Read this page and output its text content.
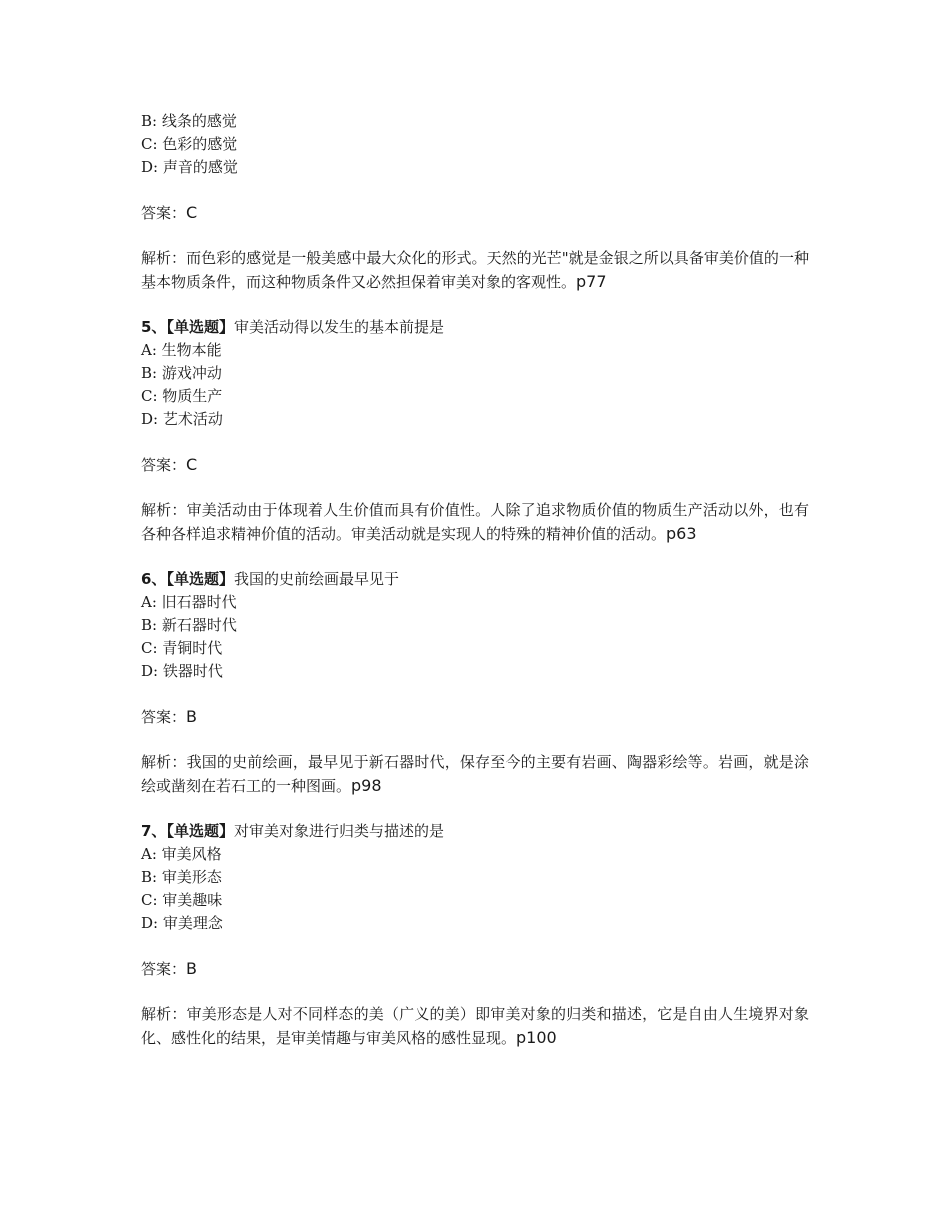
B: 线条的感觉

C: 色彩的感觉

D: 声音的感觉

答案：C

解析：而色彩的感觉是一般美感中最大众化的形式。天然的光芒"就是金银之所以具备审美价值的一种基本物质条件，而这种物质条件又必然担保着审美对象的客观性。p77

5、【单选题】审美活动得以发生的基本前提是

A: 生物本能

B: 游戏冲动

C: 物质生产

D: 艺术活动

答案：C

解析：审美活动由于体现着人生价值而具有价值性。人除了追求物质价值的物质生产活动以外，也有各种各样追求精神价值的活动。审美活动就是实现人的特殊的精神价值的活动。p63

6、【单选题】我国的史前绘画最早见于

A: 旧石器时代

B: 新石器时代

C: 青铜时代

D: 铁器时代

答案：B

解析：我国的史前绘画，最早见于新石器时代，保存至今的主要有岩画、陶器彩绘等。岩画，就是涂绘或凿刻在若石工的一种图画。p98

7、【单选题】对审美对象进行归类与描述的是

A: 审美风格

B: 审美形态

C: 审美趣味

D: 审美理念

答案：B

解析：审美形态是人对不同样态的美（广义的美）即审美对象的归类和描述，它是自由人生境界对象化、感性化的结果，是审美情趣与审美风格的感性显现。p100
